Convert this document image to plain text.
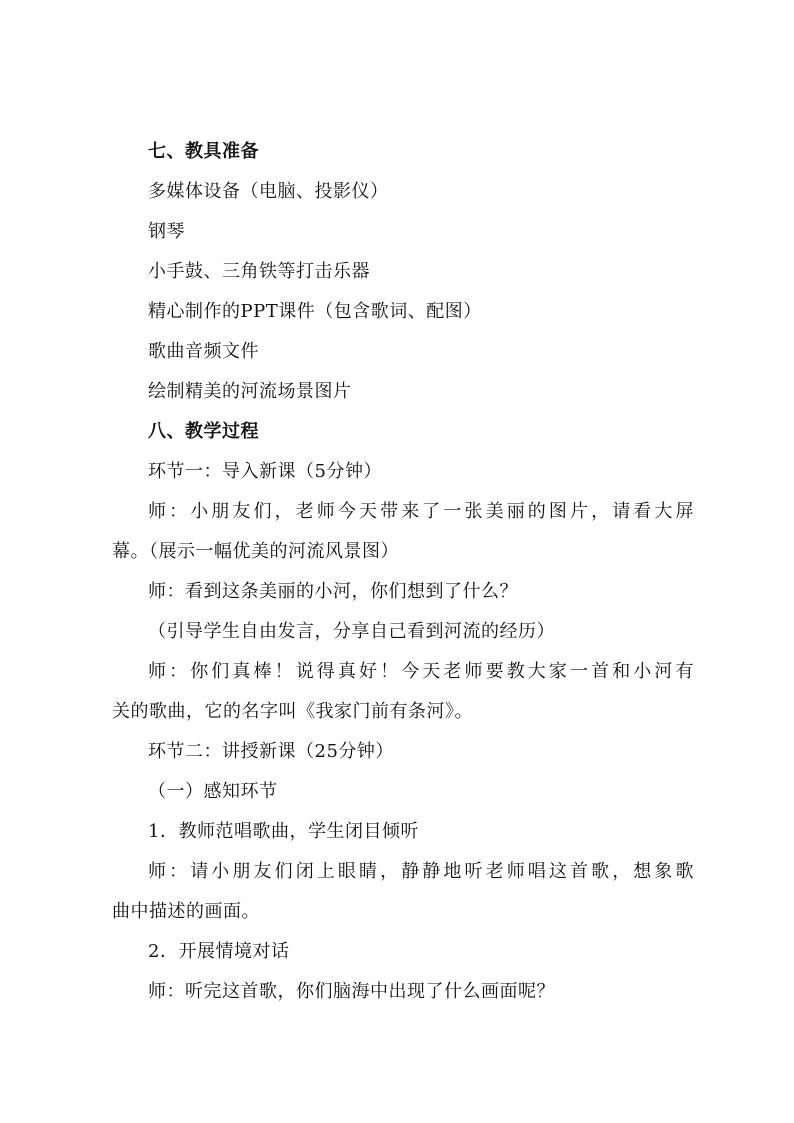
七、教具准备
多媒体设备（电脑、投影仪）
钢琴
小手鼓、三角铁等打击乐器
精心制作的PPT课件（包含歌词、配图）
歌曲音频文件
绘制精美的河流场景图片
八、教学过程
环节一：导入新课（5分钟）
师：小朋友们，老师今天带来了一张美丽的图片，请看大屏
幕。（展示一幅优美的河流风景图）
师：看到这条美丽的小河，你们想到了什么？
（引导学生自由发言，分享自己看到河流的经历）
师：你们真棒！说得真好！今天老师要教大家一首和小河有
关的歌曲，它的名字叫《我家门前有条河》。
环节二：讲授新课（25分钟）
（一）感知环节
1．教师范唱歌曲，学生闭目倾听
师：请小朋友们闭上眼睛，静静地听老师唱这首歌，想象歌
曲中描述的画面。
2．开展情境对话
师：听完这首歌，你们脑海中出现了什么画面呢？
